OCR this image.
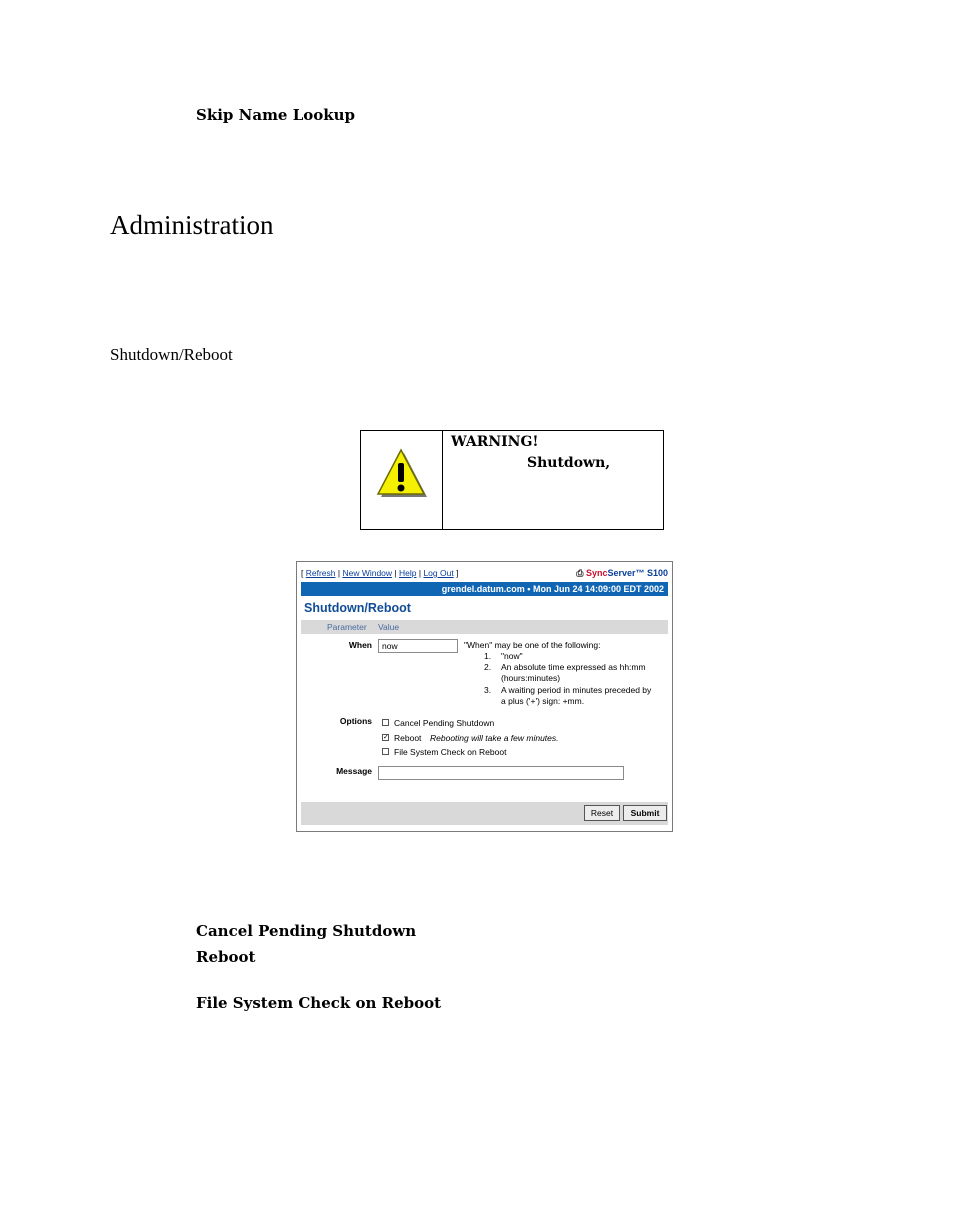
Skip Name Lookup
Administration
Shutdown/Reboot
WARNING!
Shutdown,
[ Refresh | New Window | Help | Log Out ]	⎙ SyncServer™ S100
grendel.datum.com • Mon Jun 24 14:09:00 EDT 2002
Shutdown/Reboot
Parameter Value
When	now	"When" may be one of the following:
1. "now"
2. An absolute time expressed as hh:mm
(hours:minutes)
3. A waiting period in minutes preceded by
a plus ('+') sign: +mm.
Options	Cancel Pending Shutdown
✓ Reboot Rebooting will take a few minutes.
File System Check on Reboot
Message
Reset	Submit
Cancel Pending Shutdown
Reboot
File System Check on Reboot
